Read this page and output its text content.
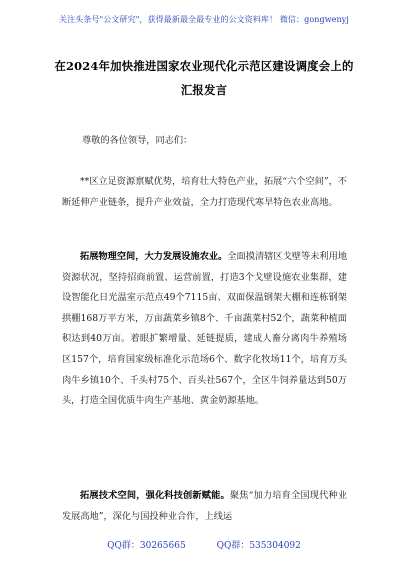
关注头条号"公文研究"，获得最新最全最专业的公文资料库！ 微信：gongwenyj
在2024年加快推进国家农业现代化示范区建设调度会上的
汇报发言
尊敬的各位领导，同志们：

**区立足资源禀赋优势，培育壮大特色产业，拓展“六个空间”，不断延伸产业链条，提升产业效益，全力打造现代寒旱特色农业高地。

拓展物理空间，大力发展设施农业。全面摸清辖区戈壁等未利用地资源状况，坚持招商前置、运营前置，打造3个戈壁设施农业集群，建设智能化日光温室示范点49个7115亩、双面保温钢架大棚和连栋钢架拱棚168万平方米，万亩蔬菜乡镇8个、千亩蔬菜村52个，蔬菜种植面积达到40万亩。着眼扩繁增量、延链提质，建成人畜分离肉牛养殖场区157个，培育国家级标准化示范场6个、数字化牧场11个，培育万头肉牛乡镇10个、千头村75个、百头社567个，全区牛饲养量达到50万头，打造全国优质牛肉生产基地、黄金奶源基地。

拓展技术空间，强化科技创新赋能。聚焦“加力培育全国现代种业发展高地”，深化与国投种业合作，上线运

QQ群：30265665	QQ群：535304092
